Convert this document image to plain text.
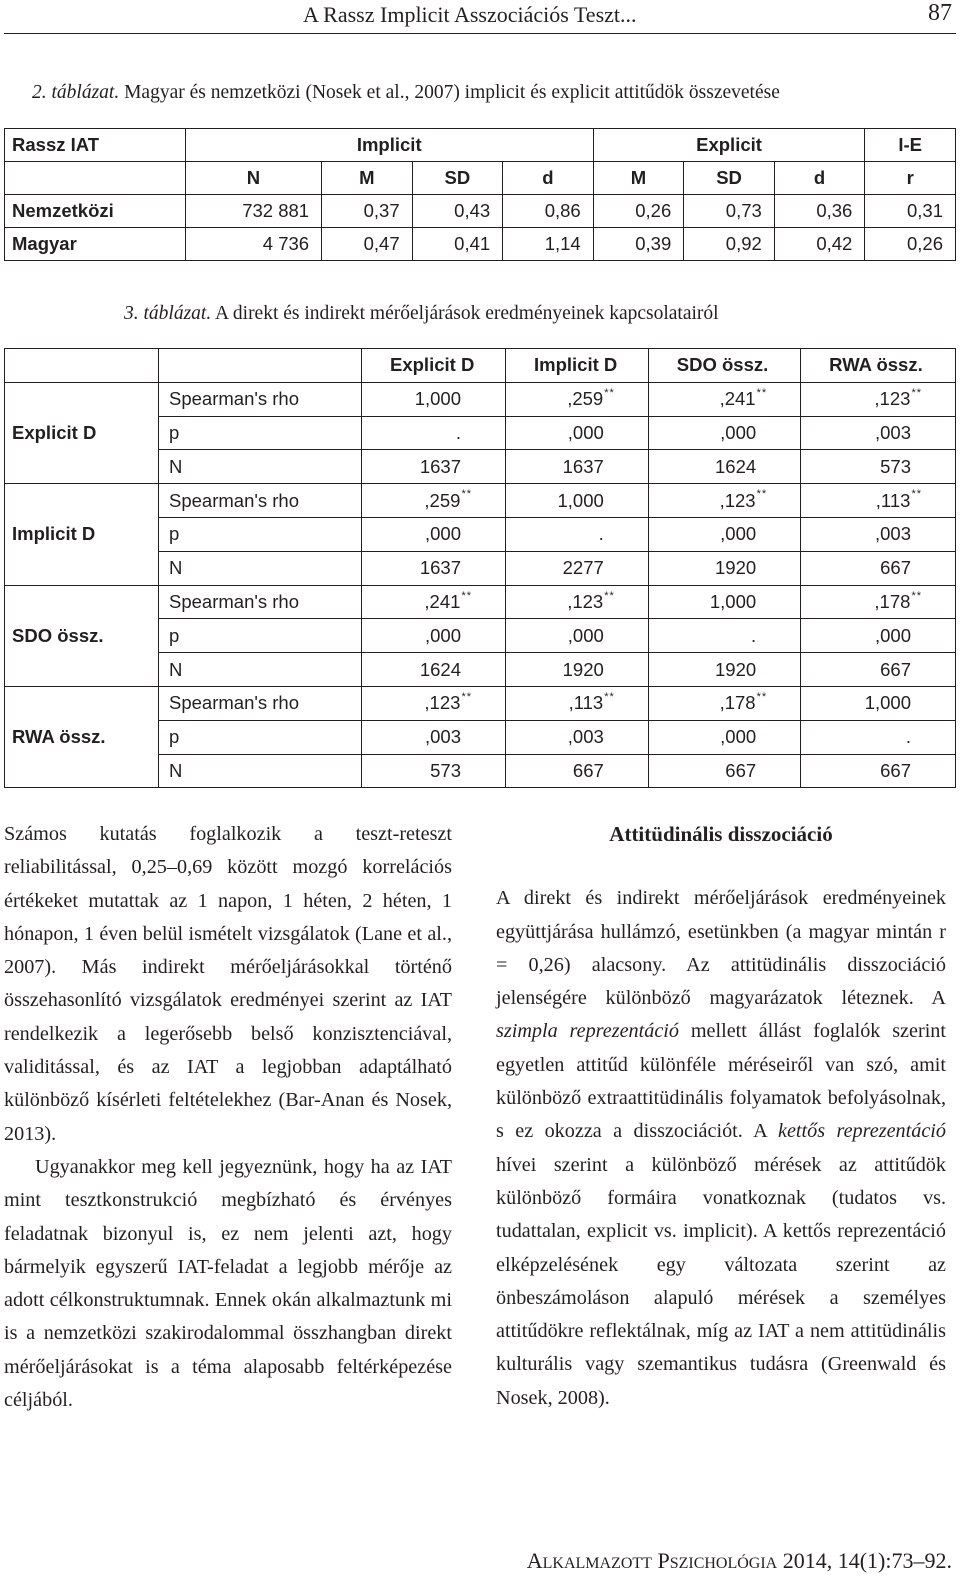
A Rassz Implicit Asszociációs Teszt...	87
2. táblázat. Magyar és nemzetközi (Nosek et al., 2007) implicit és explicit attitűdök összevetése
Rassz IAT	Implicit				Explicit			I-E
	N	M	SD	d	M	SD	d	r
Nemzetközi	732 881	0,37	0,43	0,86	0,26	0,73	0,36	0,31
Magyar	4 736	0,47	0,41	1,14	0,39	0,92	0,42	0,26
3. táblázat. A direkt és indirekt mérőeljárások eredményeinek kapcsolatairól
		Explicit D	Implicit D	SDO össz.	RWA össz.
Explicit D	Spearman's rho	1,000	,259**	,241**	,123**
	p	.	,000	,000	,003
	N	1637	1637	1624	573
Implicit D	Spearman's rho	,259**	1,000	,123**	,113**
	p	,000	.	,000	,003
	N	1637	2277	1920	667
SDO össz.	Spearman's rho	,241**	,123**	1,000	,178**
	p	,000	,000	.	,000
	N	1624	1920	1920	667
RWA össz.	Spearman's rho	,123**	,113**	,178**	1,000
	p	,003	,003	,000	.
	N	573	667	667	667

Számos kutatás foglalkozik a teszt-reteszt reliabilitással, 0,25–0,69 között mozgó korrelációs értékeket mutattak az 1 napon, 1 héten, 2 héten, 1 hónapon, 1 éven belül ismételt vizsgálatok (Lane et al., 2007). Más indirekt mérőeljárásokkal történő összehasonlító vizsgálatok eredményei szerint az IAT rendelkezik a legerősebb belső konzisztenciával, validitással, és az IAT a legjobban adaptálható különböző kísérleti feltételekhez (Bar-Anan és Nosek, 2013).

Ugyanakkor meg kell jegyeznünk, hogy ha az IAT mint tesztkonstrukció megbízható és érvényes feladatnak bizonyul is, ez nem jelenti azt, hogy bármelyik egyszerű IAT-feladat a legjobb mérője az adott célkonstruktumnak. Ennek okán alkalmaztunk mi is a nemzetközi szakirodalommal összhangban direkt mérőeljárásokat is a téma alaposabb feltérképezése céljából.

Attitüdinális disszociáció

A direkt és indirekt mérőeljárások eredményeinek együttjárása hullámzó, esetünkben (a magyar mintán r = 0,26) alacsony. Az attitüdinális disszociáció jelenségére különböző magyarázatok léteznek. A szimpla reprezentáció mellett állást foglalók szerint egyetlen attitűd különféle méréseiről van szó, amit különböző extraattitüdinális folyamatok befolyásolnak, s ez okozza a disszociációt. A kettős reprezentáció hívei szerint a különböző mérések az attitűdök különböző formáira vonatkoznak (tudatos vs. tudattalan, explicit vs. implicit). A kettős reprezentáció elképzelésének egy változata szerint az önbeszámoláson alapuló mérések a személyes attitűdökre reflektálnak, míg az IAT a nem attitüdinális kulturális vagy szemantikus tudásra (Greenwald és Nosek, 2008).

ALKALMAZOTT PSZICHOLÓGIA 2014, 14(1):73–92.
